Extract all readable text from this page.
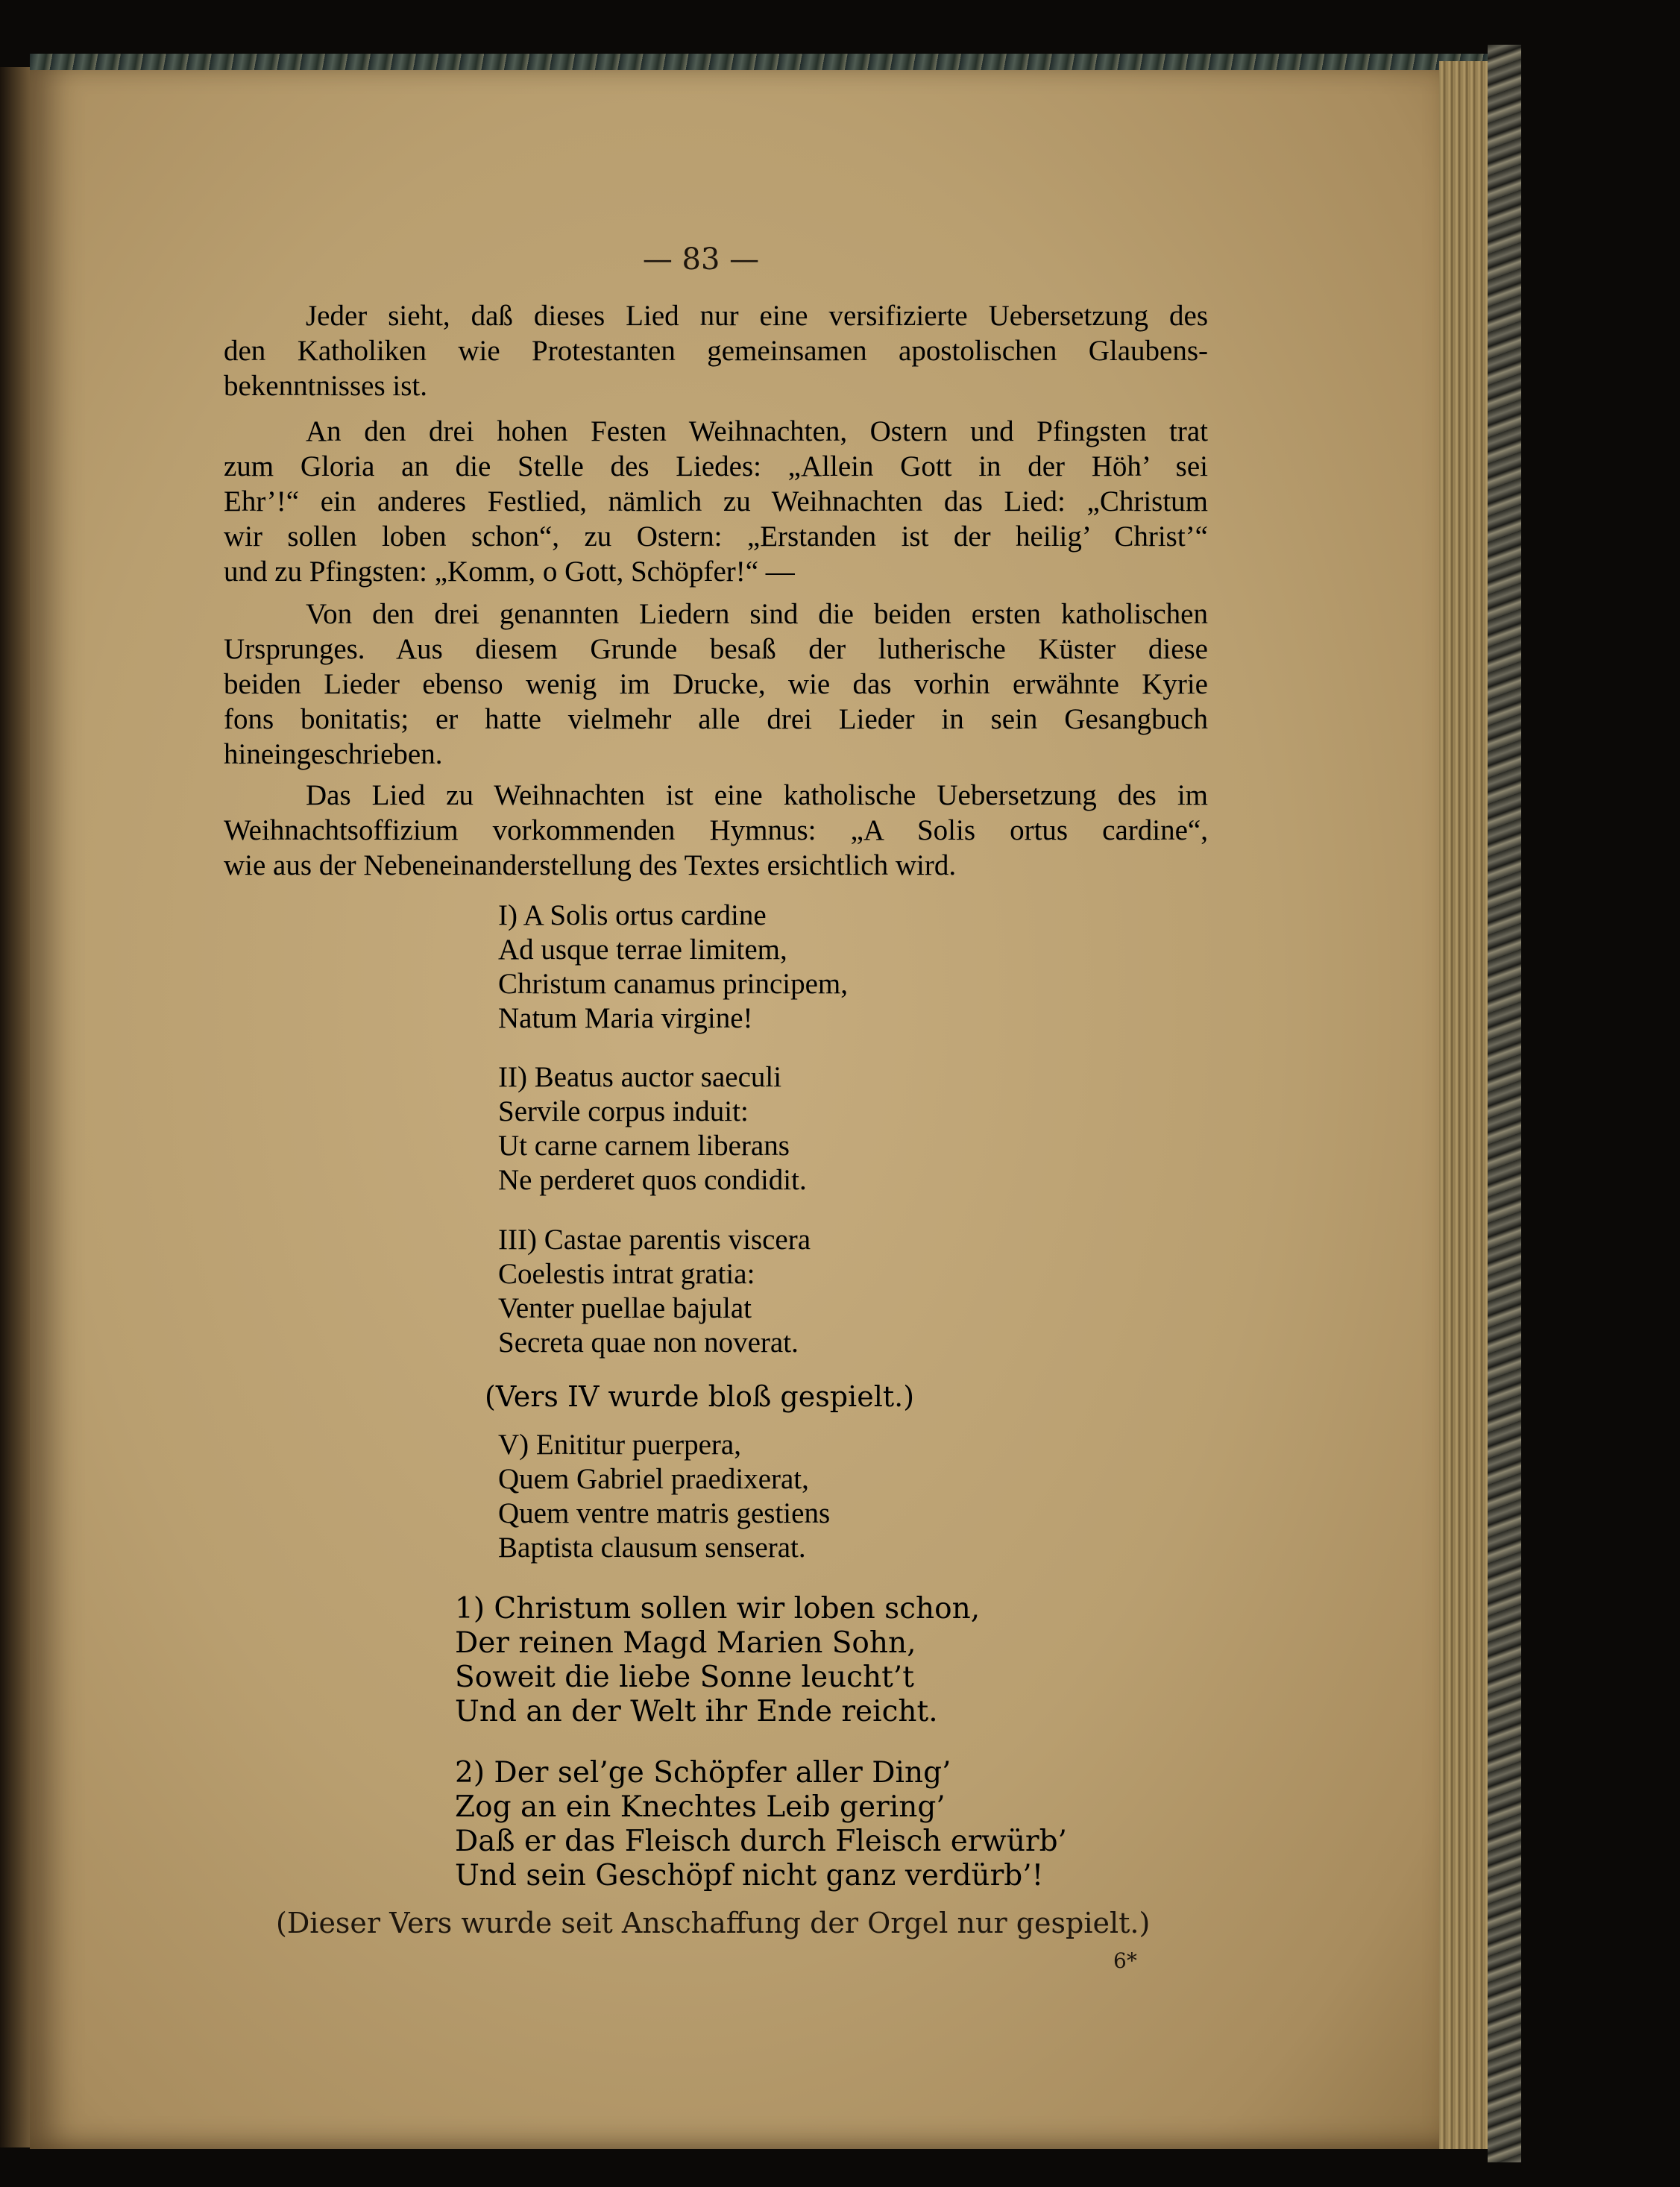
— 83 —
Jeder sieht, daß dieses Lied nur eine versifizierte Uebersetzung des
den Katholiken wie Protestanten gemeinsamen apostolischen Glaubens-
bekenntnisses ist.
An den drei hohen Festen Weihnachten, Ostern und Pfingsten trat
zum Gloria an die Stelle des Liedes: „Allein Gott in der Höh’ sei
Ehr’!“ ein anderes Festlied, nämlich zu Weihnachten das Lied: „Christum
wir sollen loben schon“, zu Ostern: „Erstanden ist der heilig’ Christ’“
und zu Pfingsten: „Komm, o Gott, Schöpfer!“ —
Von den drei genannten Liedern sind die beiden ersten katholischen
Ursprunges. Aus diesem Grunde besaß der lutherische Küster diese
beiden Lieder ebenso wenig im Drucke, wie das vorhin erwähnte Kyrie
fons bonitatis; er hatte vielmehr alle drei Lieder in sein Gesangbuch
hineingeschrieben.
Das Lied zu Weihnachten ist eine katholische Uebersetzung des im
Weihnachtsoffizium vorkommenden Hymnus: „A Solis ortus cardine“,
wie aus der Nebeneinanderstellung des Textes ersichtlich wird.
I) A Solis ortus cardine
Ad usque terrae limitem,
Christum canamus principem,
Natum Maria virgine!
II) Beatus auctor saeculi
Servile corpus induit:
Ut carne carnem liberans
Ne perderet quos condidit.
III) Castae parentis viscera
Coelestis intrat gratia:
Venter puellae bajulat
Secreta quae non noverat.
(Vers IV wurde bloß gespielt.)
V) Enititur puerpera,
Quem Gabriel praedixerat,
Quem ventre matris gestiens
Baptista clausum senserat.
1) Christum sollen wir loben schon,
Der reinen Magd Marien Sohn,
Soweit die liebe Sonne leucht’t
Und an der Welt ihr Ende reicht.
2) Der sel’ge Schöpfer aller Ding’
Zog an ein Knechtes Leib gering’
Daß er das Fleisch durch Fleisch erwürb’
Und sein Geschöpf nicht ganz verdürb’!
(Dieser Vers wurde seit Anschaffung der Orgel nur gespielt.)
6*
